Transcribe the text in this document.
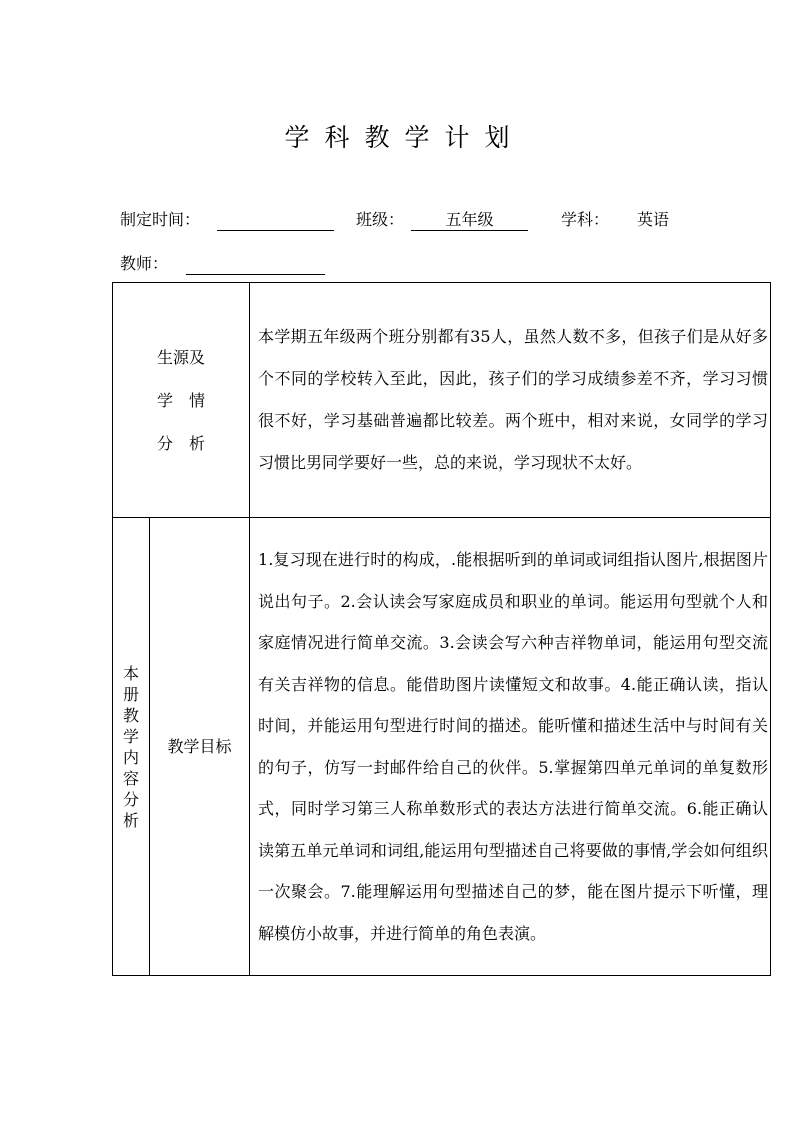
学科教学计划
制定时间：	班级：	五年级	学科： 英语
教师：
生源及
学　情
分　析		本学期五年级两个班分别都有35人，虽然人数不多，但孩子们是从好多个不同的学校转入至此，因此，孩子们的学习成绩参差不齐，学习习惯很不好，学习基础普遍都比较差。两个班中，相对来说，女同学的学习习惯比男同学要好一些，总的来说，学习现状不太好。
本册教学内容分析	教学目标	1.复习现在进行时的构成，.能根据听到的单词或词组指认图片,根据图片说出句子。2.会认读会写家庭成员和职业的单词。能运用句型就个人和家庭情况进行简单交流。3.会读会写六种吉祥物单词，能运用句型交流有关吉祥物的信息。能借助图片读懂短文和故事。4.能正确认读，指认时间，并能运用句型进行时间的描述。能听懂和描述生活中与时间有关的句子，仿写一封邮件给自己的伙伴。5.掌握第四单元单词的单复数形式，同时学习第三人称单数形式的表达方法进行简单交流。6.能正确认读第五单元单词和词组,能运用句型描述自己将要做的事情,学会如何组织一次聚会。7.能理解运用句型描述自己的梦，能在图片提示下听懂，理解模仿小故事，并进行简单的角色表演。
